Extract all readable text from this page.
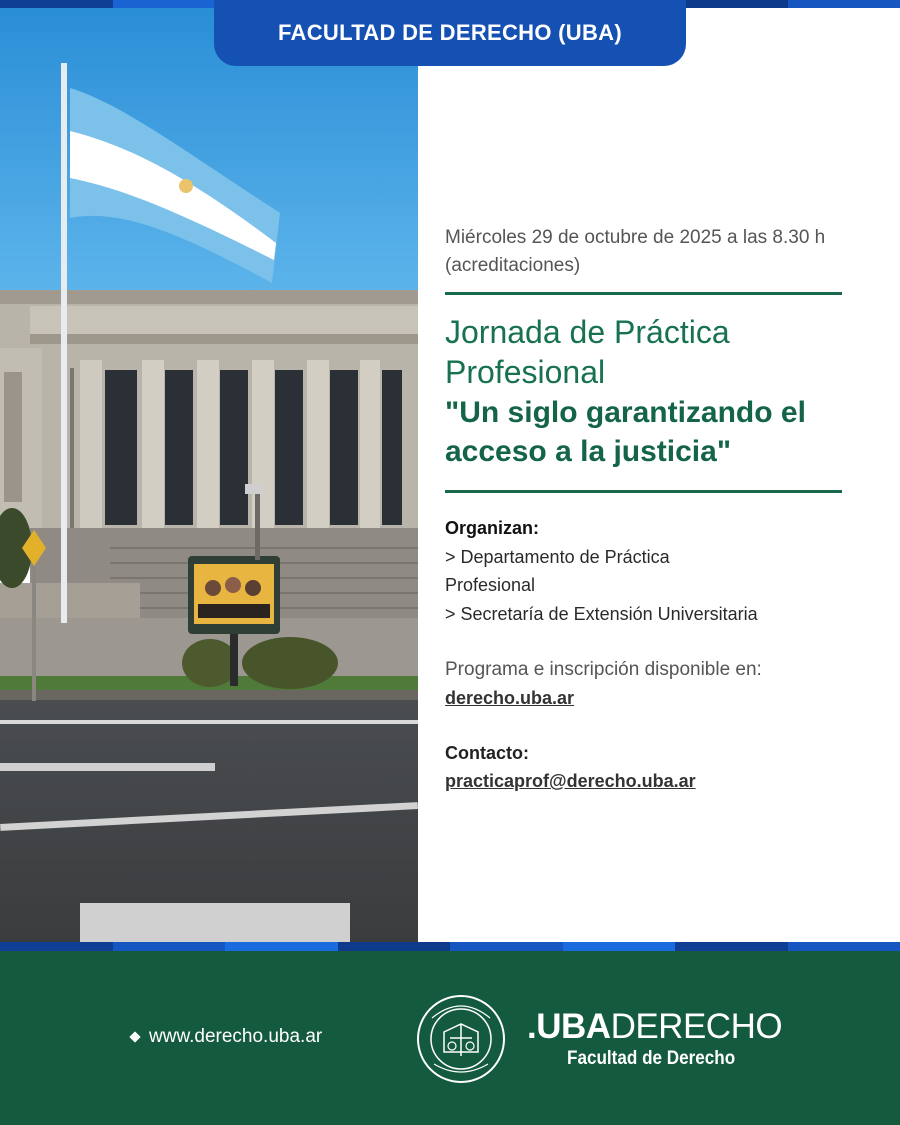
FACULTAD DE DERECHO (UBA)
Miércoles 29 de octubre de 2025 a las 8.30 h (acreditaciones)
Jornada de Práctica Profesional
"Un siglo garantizando el acceso a la justicia"
Organizan:
> Departamento de Práctica Profesional
> Secretaría de Extensión Universitaria
Programa e inscripción disponible en:
derecho.uba.ar
Contacto:
practicaprof@derecho.uba.ar
www.derecho.uba.ar	.UBADERECHO
Facultad de Derecho
